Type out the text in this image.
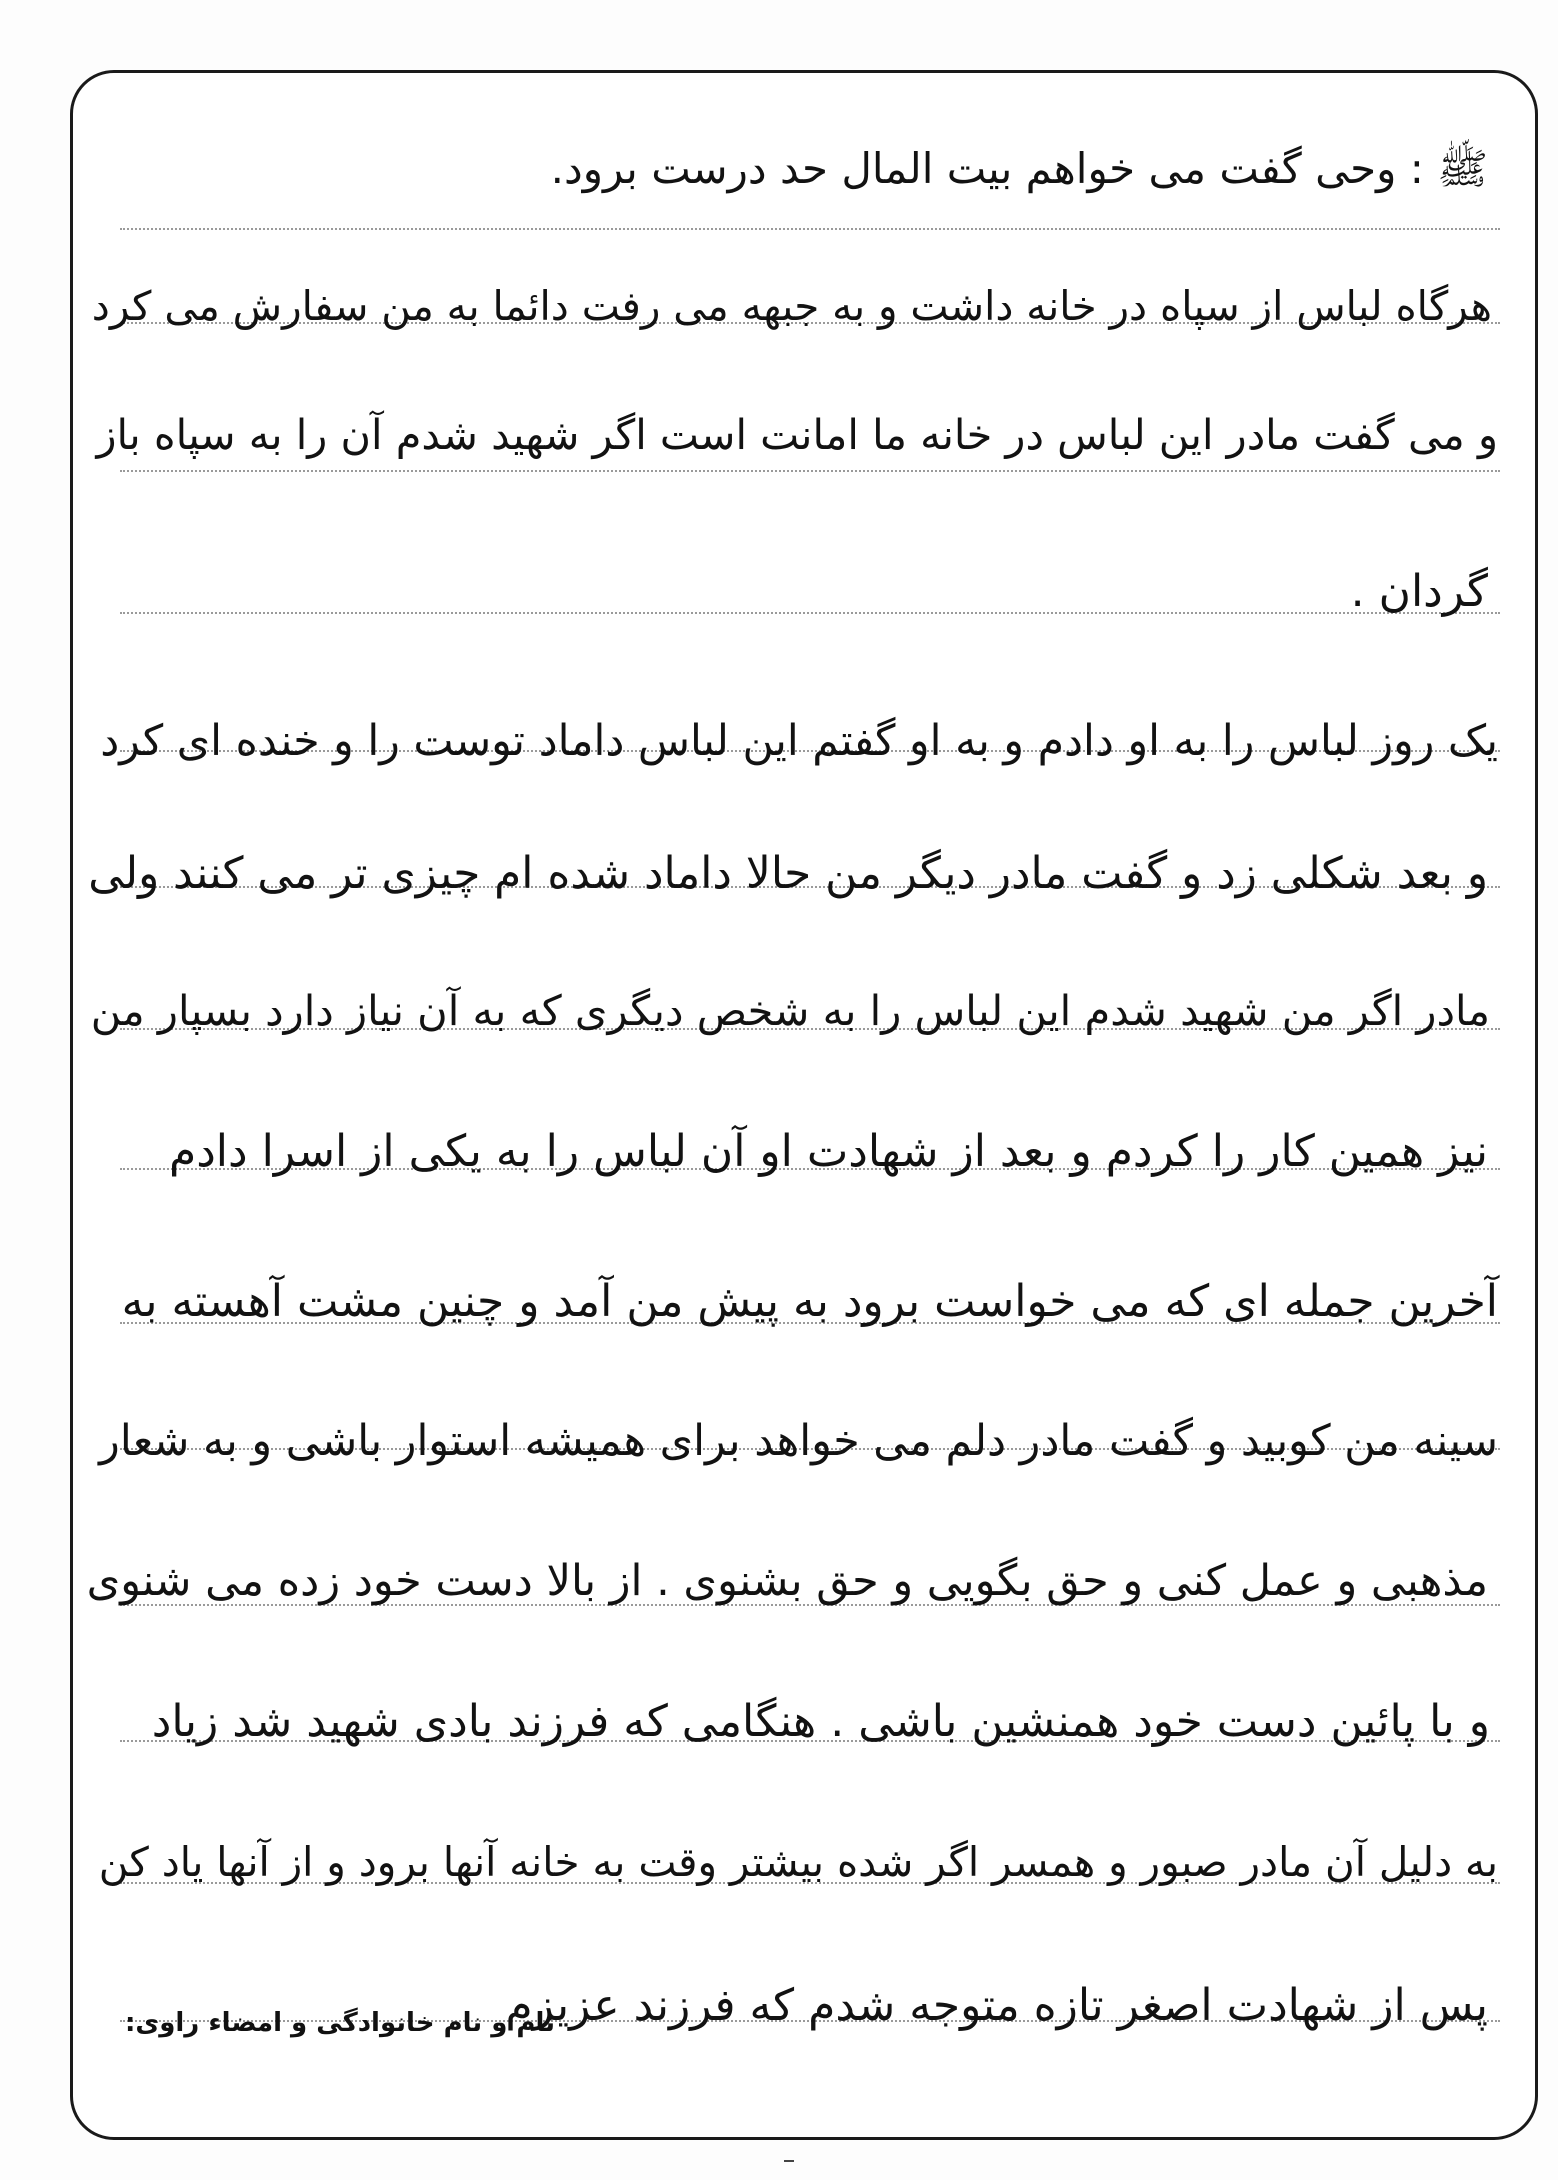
ﷺ : وحی گفت می خواهم بیت المال حد درست برود.
هرگاه لباس از سپاه در خانه داشت و به جبهه می رفت دائما به من سفارش می کرد
و می گفت مادر این لباس در خانه ما امانت است اگر شهید شدم آن را به سپاه باز
گردان .
یک روز لباس را به او دادم و به او گفتم این لباس داماد توست را و خنده ای کرد
و بعد شکلی زد و گفت مادر دیگر من حالا داماد شده ام چیزی تر می کنند ولی
مادر اگر من شهید شدم این لباس را به شخص دیگری که به آن نیاز دارد بسپار من
نیز همین کار را کردم و بعد از شهادت او آن لباس را به یکی از اسرا دادم
آخرین جمله ای که می خواست برود به پیش من آمد و چنین مشت آهسته به
سینه من کوبید و گفت مادر دلم می خواهد برای همیشه استوار باشی و به شعار
مذهبی و عمل کنی و حق بگویی و حق بشنوی . از بالا دست خود زده می شنوی
و با پائین دست خود همنشین باشی . هنگامی که فرزند بادی شهید شد زیاد
به دلیل آن مادر صبور و همسر اگر شده بیشتر وقت به خانه آنها برود و از آنها یاد کن
پس از شهادت اصغر تازه متوجه شدم که فرزند عزیزم
نام و نام خانوادگی و امضاء راوی:
